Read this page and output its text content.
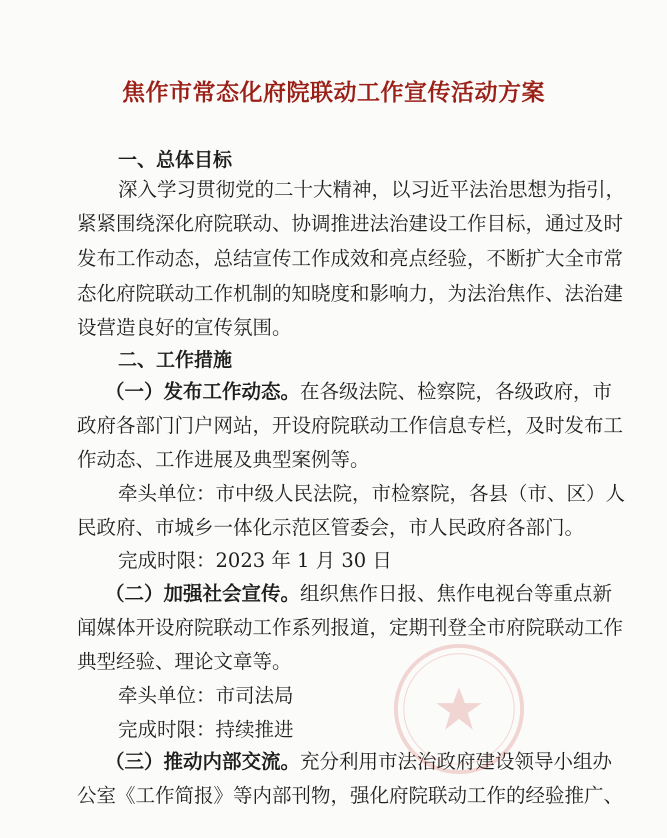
焦作市常态化府院联动工作宣传活动方案
一、总体目标
深入学习贯彻党的二十大精神，以习近平法治思想为指引，
紧紧围绕深化府院联动、协调推进法治建设工作目标，通过及时
发布工作动态，总结宣传工作成效和亮点经验，不断扩大全市常
态化府院联动工作机制的知晓度和影响力，为法治焦作、法治建
设营造良好的宣传氛围。
二、工作措施
（一）发布工作动态。在各级法院、检察院，各级政府，市
政府各部门门户网站，开设府院联动工作信息专栏，及时发布工
作动态、工作进展及典型案例等。
牵头单位：市中级人民法院，市检察院，各县（市、区）人
民政府、市城乡一体化示范区管委会，市人民政府各部门。
完成时限：2023 年 1 月 30 日
（二）加强社会宣传。组织焦作日报、焦作电视台等重点新
闻媒体开设府院联动工作系列报道，定期刊登全市府院联动工作
典型经验、理论文章等。
牵头单位：市司法局
完成时限：持续推进
（三）推动内部交流。充分利用市法治政府建设领导小组办
公室《工作简报》等内部刊物，强化府院联动工作的经验推广、
